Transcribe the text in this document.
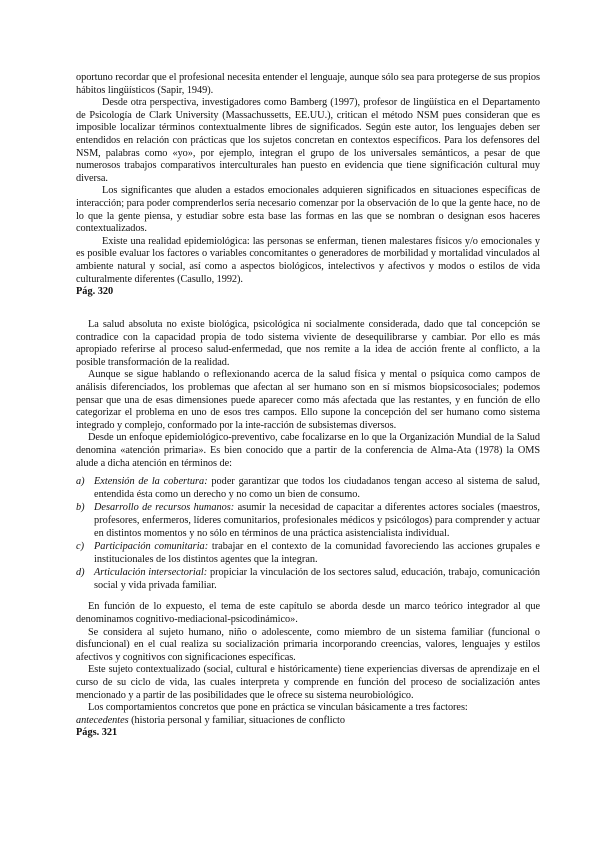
oportuno recordar que el profesional necesita entender el lenguaje, aunque sólo sea para protegerse de sus propios hábitos lingüísticos (Sapir, 1949).

Desde otra perspectiva, investigadores como Bamberg (1997), profesor de lingüística en el Departamento de Psicología de Clark University (Massachussetts, EE.UU.), critican el método NSM pues consideran que es imposible localizar términos contextualmente libres de significados. Según este autor, los lenguajes deben ser entendidos en relación con prácticas que los sujetos concretan en contextos específicos. Para los defensores del NSM, palabras como «yo», por ejemplo, integran el grupo de los universales semánticos, a pesar de que numerosos trabajos comparativos interculturales han puesto en evidencia que tiene significación cultural muy diversa.

Los significantes que aluden a estados emocionales adquieren significados en situaciones específicas de interacción; para poder comprenderlos sería necesario comenzar por la observación de lo que la gente hace, no de lo que la gente piensa, y estudiar sobre esta base las formas en las que se nombran o designan esos haceres contextualizados.

Existe una realidad epidemiológica: las personas se enferman, tienen malestares físicos y/o emocionales y es posible evaluar los factores o variables concomitantes o generadores de morbilidad y mortalidad vinculados al ambiente natural y social, así como a aspectos biológicos, intelectivos y afectivos y modos o estilos de vida culturalmente diferentes (Casullo, 1992).

Pág. 320

La salud absoluta no existe biológica, psicológica ni socialmente considerada, dado que tal concepción se contradice con la capacidad propia de todo sistema viviente de desequilibrarse y cambiar. Por ello es más apropiado referirse al proceso salud-enfermedad, que nos remite a la idea de acción frente al conflicto, a la posible transformación de la realidad.

Aunque se sigue hablando o reflexionando acerca de la salud física y mental o psíquica como campos de análisis diferenciados, los problemas que afectan al ser humano son en sí mismos biopsicosociales; podemos pensar que una de esas dimensiones puede aparecer como más afectada que las restantes, y en función de ello categorizar el problema en uno de esos tres campos. Ello supone la concepción del ser humano como sistema integrado y complejo, conformado por la inte-racción de subsistemas diversos.

Desde un enfoque epidemiológico-preventivo, cabe focalizarse en lo que la Organización Mundial de la Salud denomina «atención primaria». Es bien conocido que a partir de la conferencia de Alma-Ata (1978) la OMS alude a dicha atención en términos de:

a) Extensión de la cobertura: poder garantizar que todos los ciudadanos tengan acceso al sistema de salud, entendida ésta como un derecho y no como un bien de consumo.
b) Desarrollo de recursos humanos: asumir la necesidad de capacitar a diferentes actores sociales (maestros, profesores, enfermeros, líderes comunitarios, profesionales médicos y psicólogos) para comprender y actuar en distintos momentos y no sólo en términos de una práctica asistencialista individual.
c) Participación comunitaria: trabajar en el contexto de la comunidad favoreciendo las acciones grupales e institucionales de los distintos agentes que la integran.
d) Articulación intersectorial: propiciar la vinculación de los sectores salud, educación, trabajo, comunicación social y vida privada familiar.

En función de lo expuesto, el tema de este capítulo se aborda desde un marco teórico integrador al que denominamos cognitivo-mediacional-psicodinámico».

Se considera al sujeto humano, niño o adolescente, como miembro de un sistema familiar (funcional o disfuncional) en el cual realiza su socialización primaria incorporando creencias, valores, lenguajes y estilos afectivos y cognitivos con significaciones específicas.

Este sujeto contextualizado (social, cultural e históricamente) tiene experiencias diversas de aprendizaje en el curso de su ciclo de vida, las cuales interpreta y comprende en función del proceso de socialización antes mencionado y a partir de las posibilidades que le ofrece su sistema neurobiológico.

Los comportamientos concretos que pone en práctica se vinculan básicamente a tres factores:

antecedentes (historia personal y familiar, situaciones de conflicto

Págs. 321
